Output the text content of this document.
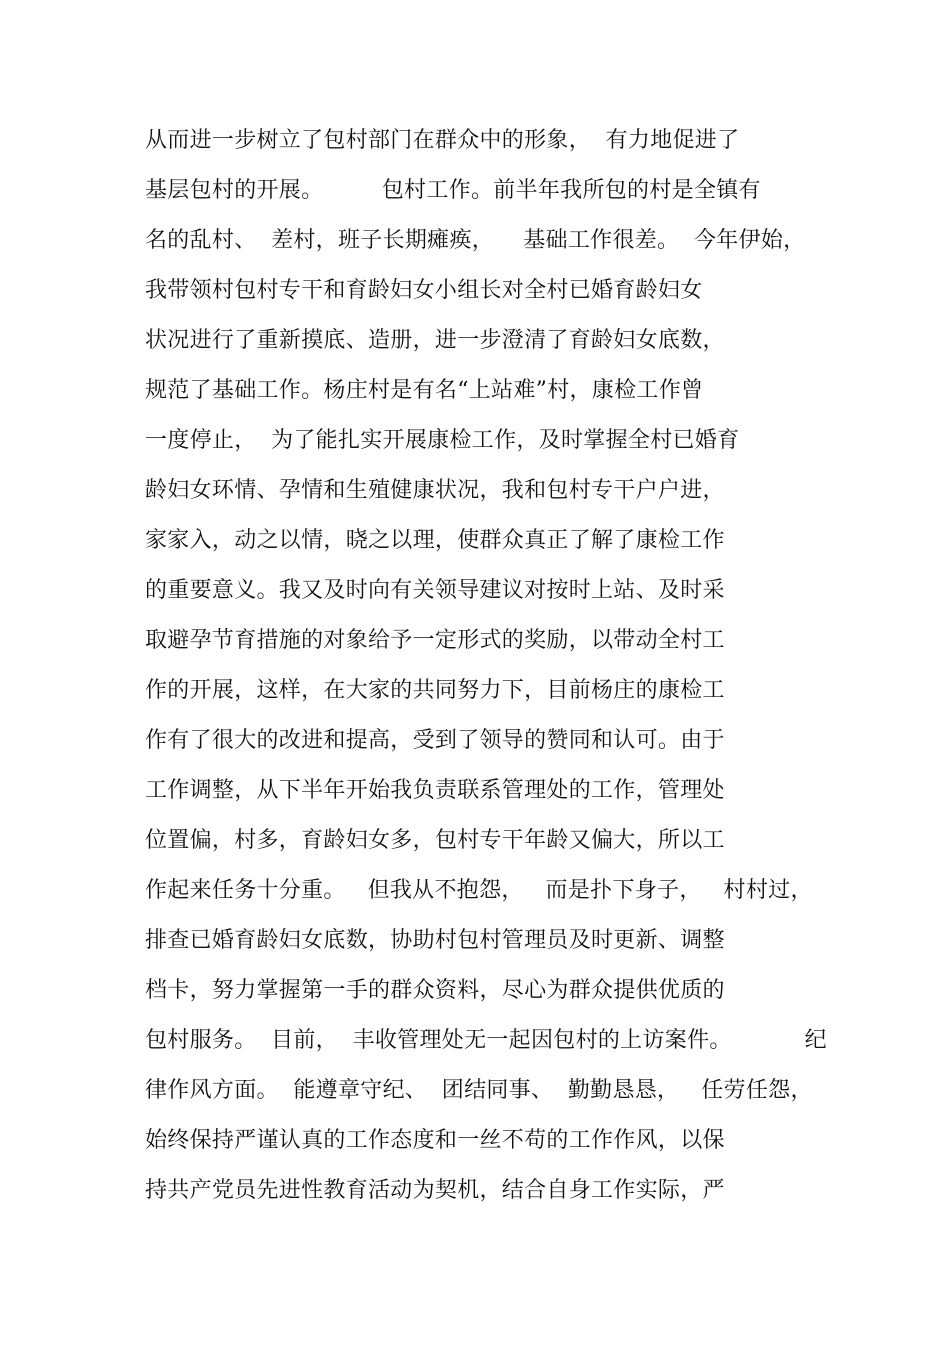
从而进一步树立了包村部门在群众中的形象，  有力地促进了
基层包村的开展。        包村工作。前半年我所包的村是全镇有
名的乱村、  差村，班子长期瘫痪，    基础工作很差。  今年伊始，
我带领村包村专干和育龄妇女小组长对全村已婚育龄妇女
状况进行了重新摸底、造册，进一步澄清了育龄妇女底数，
规范了基础工作。杨庄村是有名“上站难”村，康检工作曾
一度停止，  为了能扎实开展康检工作，及时掌握全村已婚育
龄妇女环情、孕情和生殖健康状况，我和包村专干户户进，
家家入，动之以情，晓之以理，使群众真正了解了康检工作
的重要意义。我又及时向有关领导建议对按时上站、及时采
取避孕节育措施的对象给予一定形式的奖励，以带动全村工
作的开展，这样，在大家的共同努力下，目前杨庄的康检工
作有了很大的改进和提高，受到了领导的赞同和认可。由于
工作调整，从下半年开始我负责联系管理处的工作，管理处
位置偏，村多，育龄妇女多，包村专干年龄又偏大，所以工
作起来任务十分重。   但我从不抱怨，   而是扑下身子，   村村过，
排查已婚育龄妇女底数，协助村包村管理员及时更新、调整
档卡，努力掌握第一手的群众资料，尽心为群众提供优质的
包村服务。  目前，  丰收管理处无一起因包村的上访案件。          纪
律作风方面。  能遵章守纪、  团结同事、  勤勤恳恳，   任劳任怨，
始终保持严谨认真的工作态度和一丝不苟的工作作风，以保
持共产党员先进性教育活动为契机，结合自身工作实际，严
